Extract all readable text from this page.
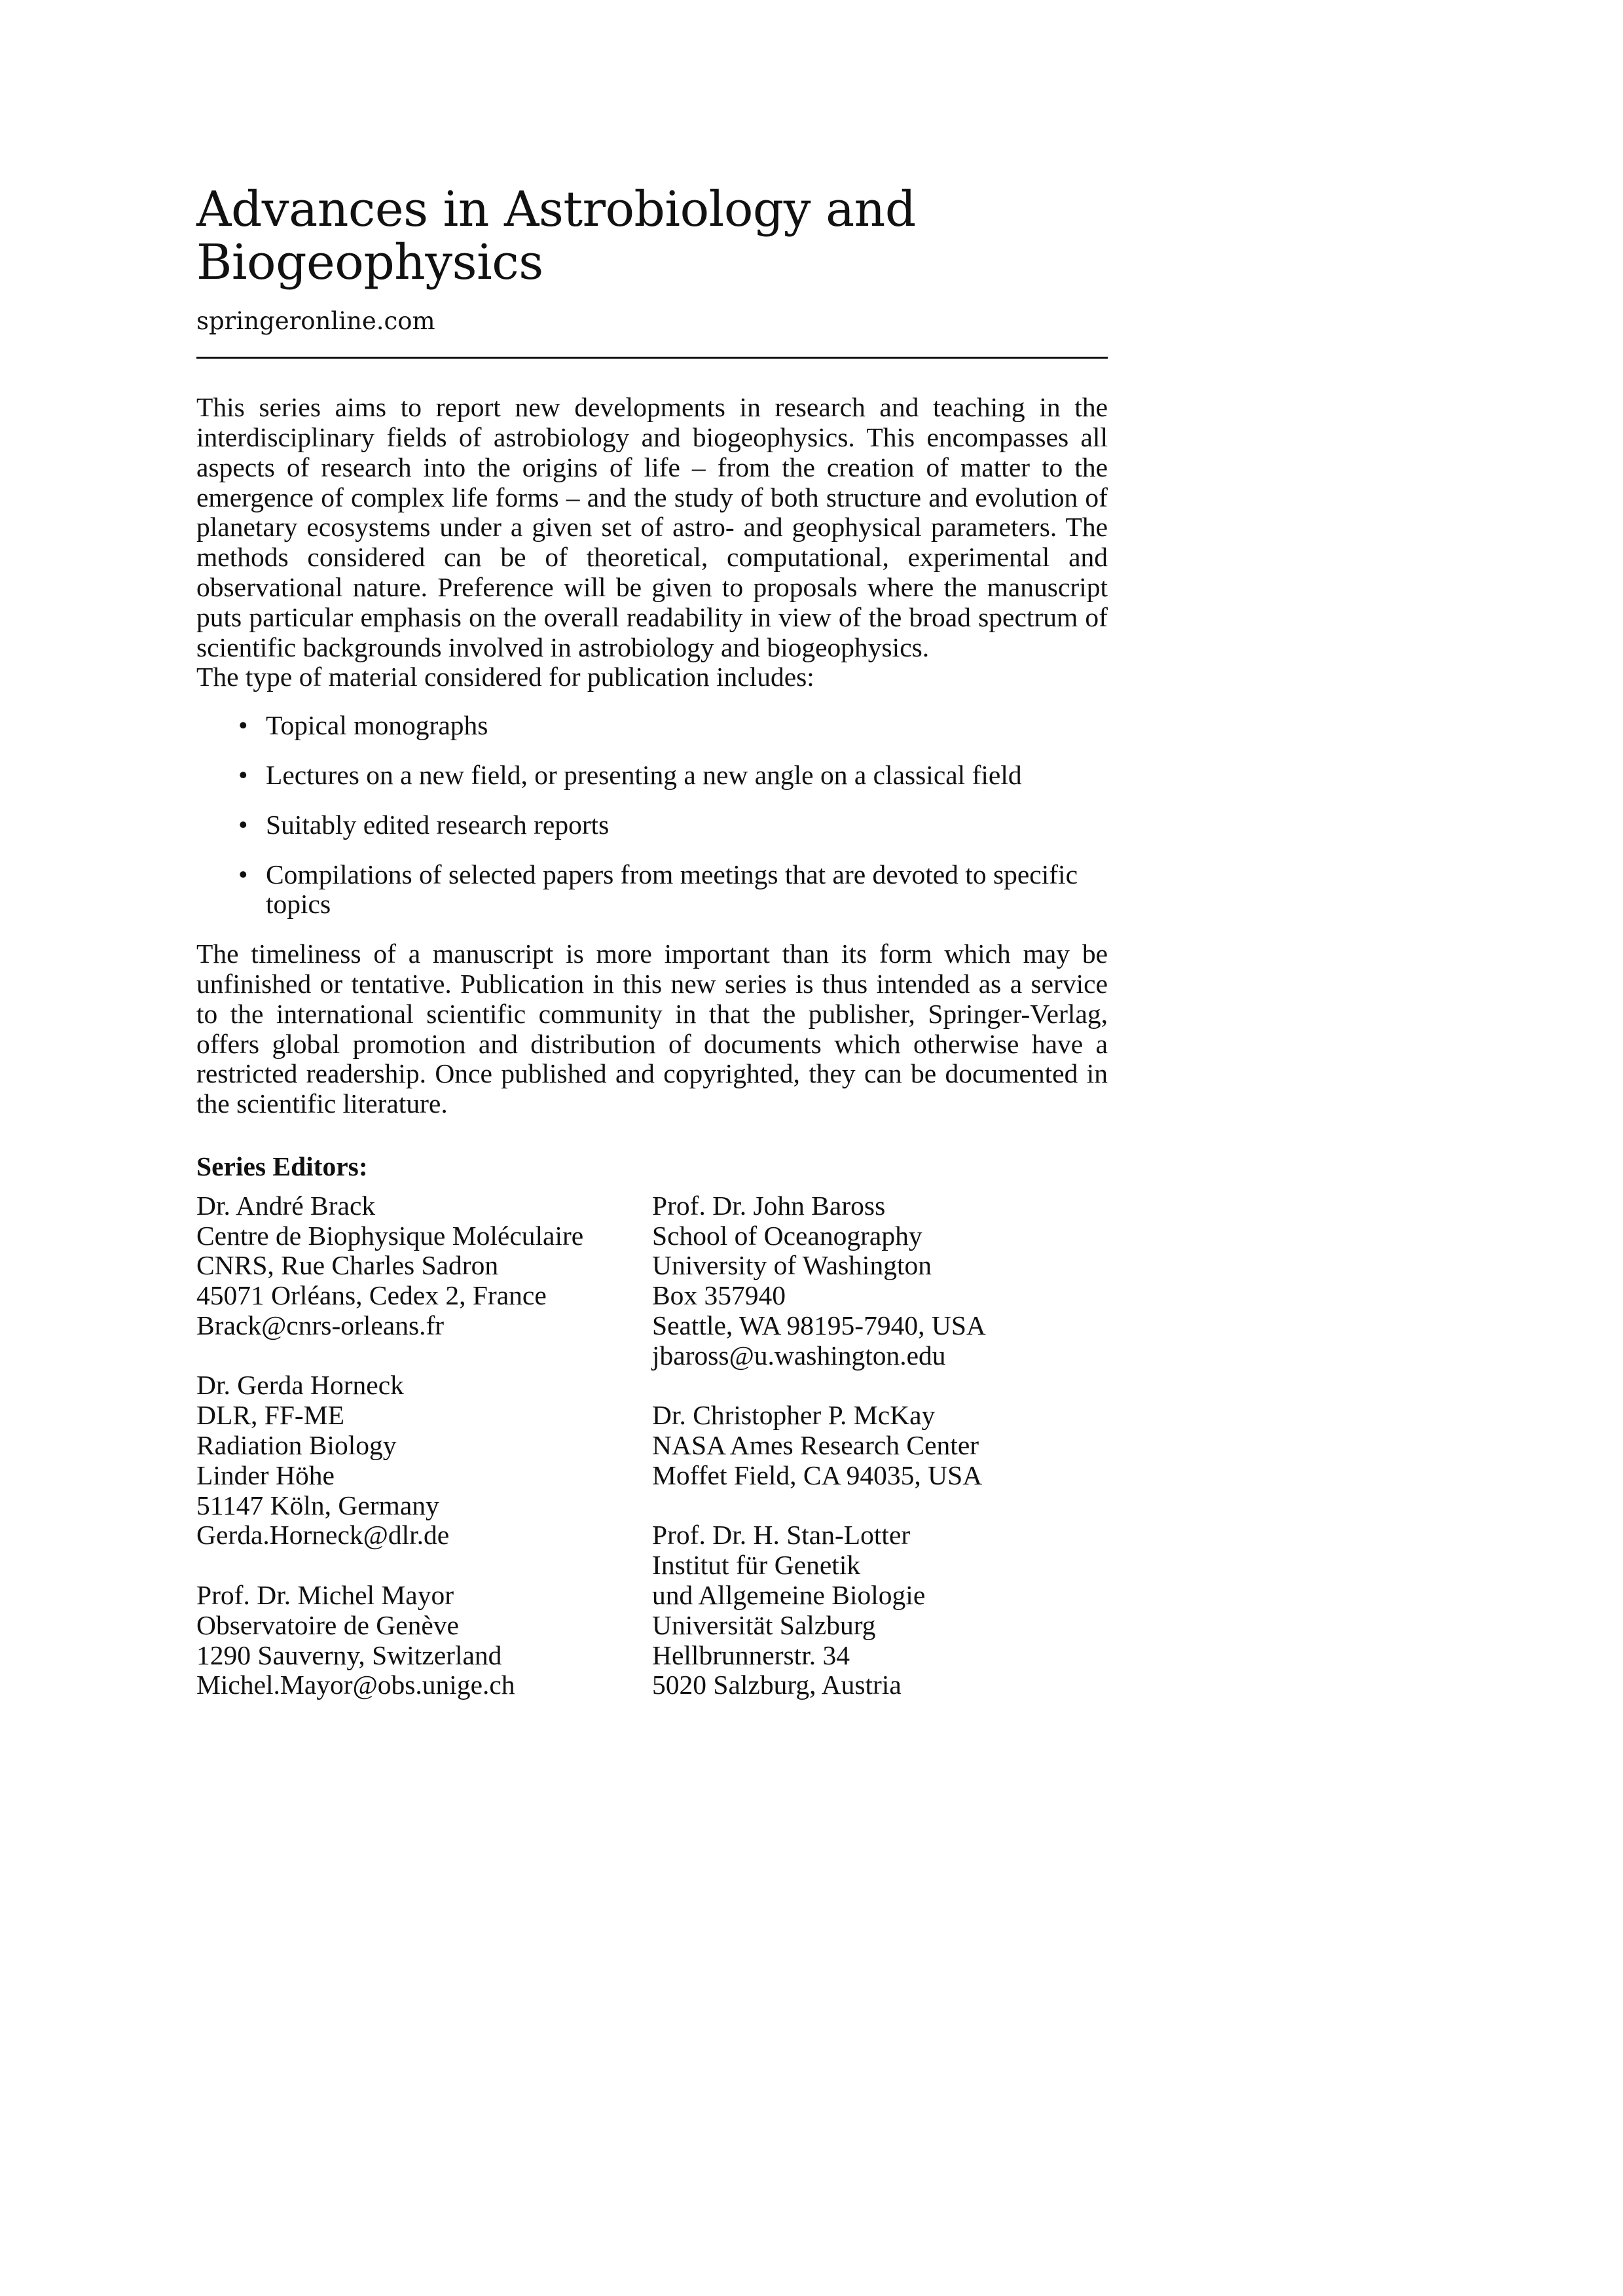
Advances in Astrobiology and Biogeophysics
springeronline.com

This series aims to report new developments in research and teaching in the interdisciplinary fields of astrobiology and biogeophysics. This encompasses all aspects of research into the origins of life – from the creation of matter to the emergence of complex life forms – and the study of both structure and evolution of planetary ecosystems under a given set of astro- and geophysical parameters. The methods considered can be of theoretical, computational, experimental and observational nature. Preference will be given to proposals where the manuscript puts particular emphasis on the overall readability in view of the broad spectrum of scientific backgrounds involved in astrobiology and biogeophysics.

The type of material considered for publication includes:

• Topical monographs
• Lectures on a new field, or presenting a new angle on a classical field
• Suitably edited research reports
• Compilations of selected papers from meetings that are devoted to specific topics

The timeliness of a manuscript is more important than its form which may be unfinished or tentative. Publication in this new series is thus intended as a service to the international scientific community in that the publisher, Springer-Verlag, offers global promotion and distribution of documents which otherwise have a restricted readership. Once published and copyrighted, they can be documented in the scientific literature.

Series Editors:
Dr. André Brack
Centre de Biophysique Moléculaire
CNRS, Rue Charles Sadron
45071 Orléans, Cedex 2, France
Brack@cnrs-orleans.fr
Dr. Gerda Horneck
DLR, FF-ME
Radiation Biology
Linder Höhe
51147 Köln, Germany
Gerda.Horneck@dlr.de
Prof. Dr. Michel Mayor
Observatoire de Genève
1290 Sauverny, Switzerland
Michel.Mayor@obs.unige.ch
Prof. Dr. John Baross
School of Oceanography
University of Washington
Box 357940
Seattle, WA 98195-7940, USA
jbaross@u.washington.edu
Dr. Christopher P. McKay
NASA Ames Research Center
Moffet Field, CA 94035, USA
Prof. Dr. H. Stan-Lotter
Institut für Genetik
und Allgemeine Biologie
Universität Salzburg
Hellbrunnerstr. 34
5020 Salzburg, Austria
